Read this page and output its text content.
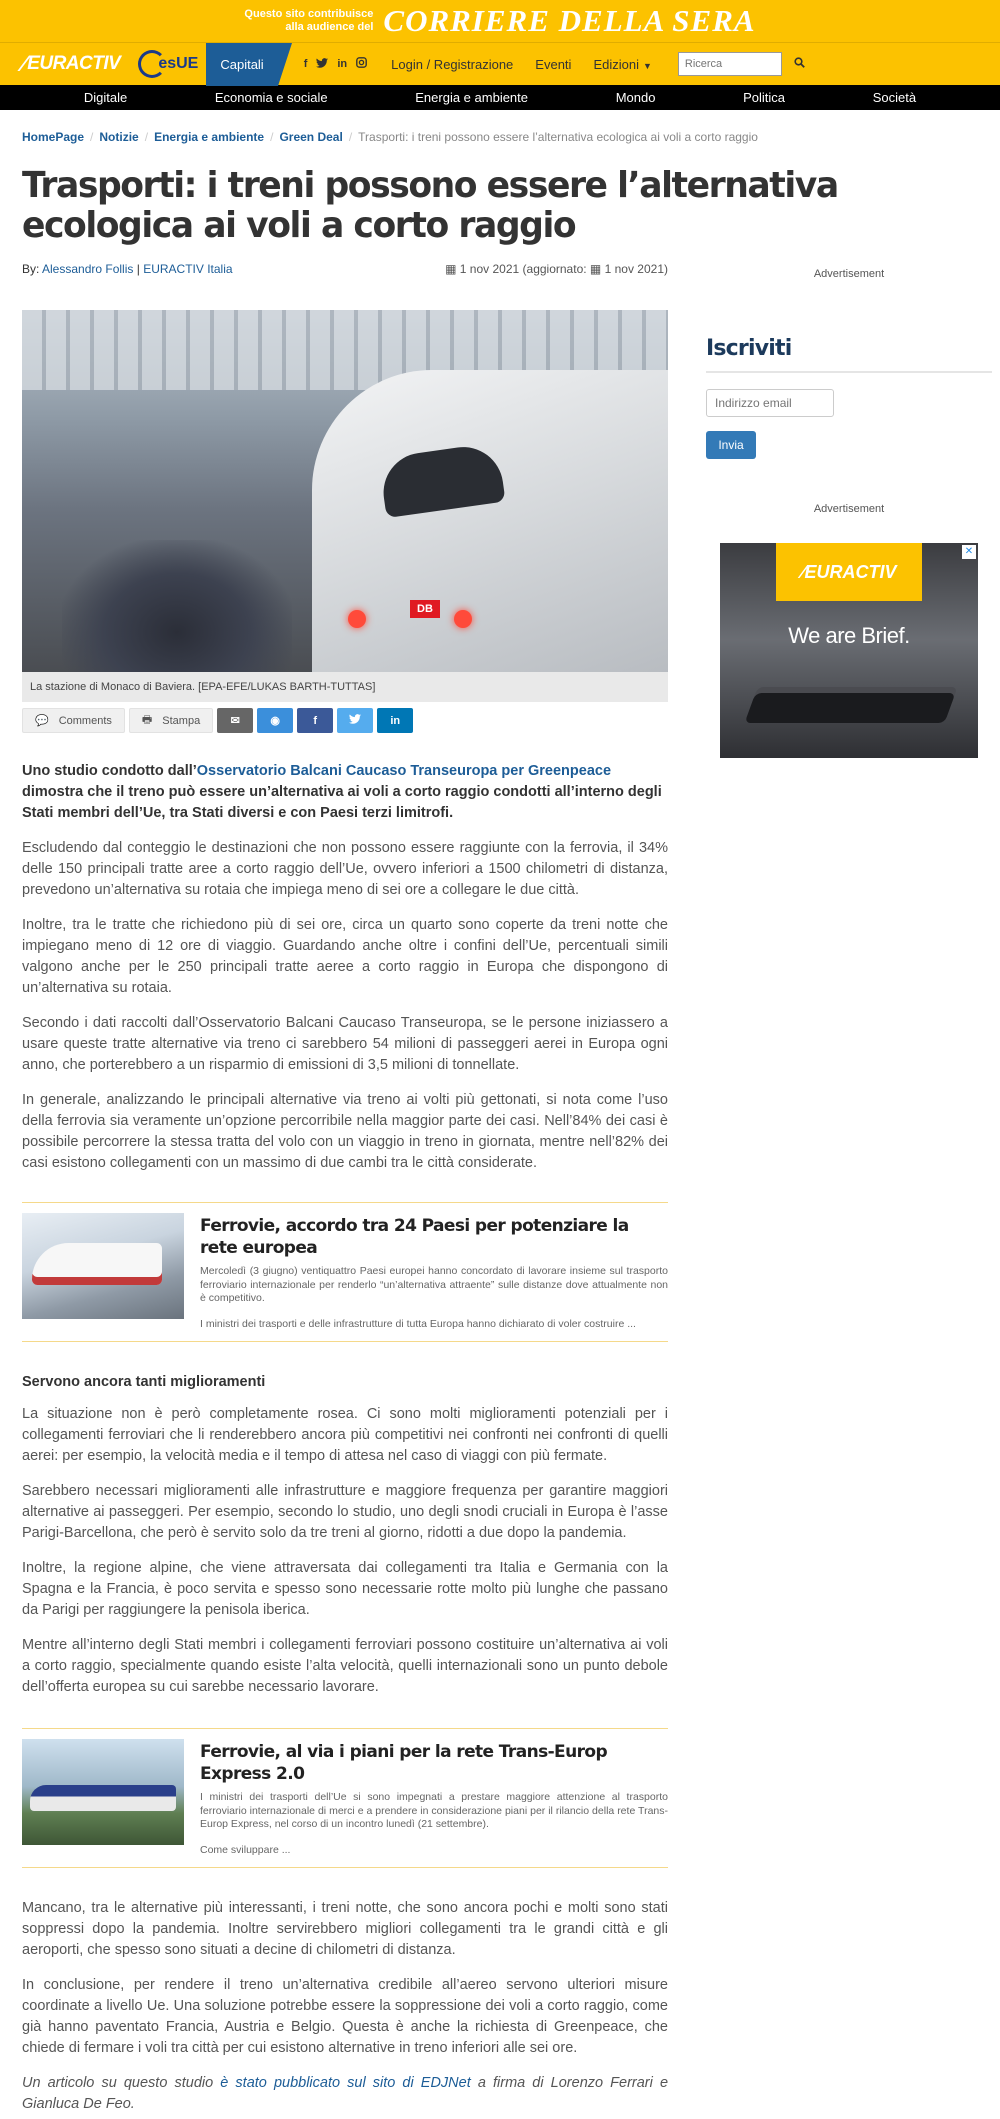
Questo sito contribuisce
alla audience del CORRIERE DELLA SERA
⁄ EURACTIV esUE	Capitali	f	in	Login / Registrazione Eventi Edizioni ▼
Ricerca
Digitale	Economia e sociale	Energia e ambiente	Mondo	Politica	Società
HomePage / Notizie / Energia e ambiente / Green Deal / Trasporti: i treni possono essere l’alternativa ecologica ai voli a corto raggio
Trasporti: i treni possono essere l’alternativa ecologica ai voli a corto raggio
By: Alessandro Follis | EURACTIV Italia	▦ 1 nov 2021 (aggiornato: ▦ 1 nov 2021)
DB
La stazione di Monaco di Baviera. [EPA-EFE/LUKAS BARTH-TUTTAS]
💬 Comments	🖶 Stampa	✉	◉	f	in

Uno studio condotto dall’Osservatorio Balcani Caucaso Transeuropa per Greenpeace dimostra che il treno può essere un’alternativa ai voli a corto raggio condotti all’interno degli Stati membri dell’Ue, tra Stati diversi e con Paesi terzi limitrofi.

Escludendo dal conteggio le destinazioni che non possono essere raggiunte con la ferrovia, il 34% delle 150 principali tratte aree a corto raggio dell’Ue, ovvero inferiori a 1500 chilometri di distanza, prevedono un’alternativa su rotaia che impiega meno di sei ore a collegare le due città.

Inoltre, tra le tratte che richiedono più di sei ore, circa un quarto sono coperte da treni notte che impiegano meno di 12 ore di viaggio. Guardando anche oltre i confini dell’Ue, percentuali simili valgono anche per le 250 principali tratte aeree a corto raggio in Europa che dispongono di un’alternativa su rotaia.

Secondo i dati raccolti dall’Osservatorio Balcani Caucaso Transeuropa, se le persone iniziassero a usare queste tratte alternative via treno ci sarebbero 54 milioni di passeggeri aerei in Europa ogni anno, che porterebbero a un risparmio di emissioni di 3,5 milioni di tonnellate.

In generale, analizzando le principali alternative via treno ai volti più gettonati, si nota come l’uso della ferrovia sia veramente un’opzione percorribile nella maggior parte dei casi. Nell’84% dei casi è possibile percorrere la stessa tratta del volo con un viaggio in treno in giornata, mentre nell’82% dei casi esistono collegamenti con un massimo di due cambi tra le città considerate.

Ferrovie, accordo tra 24 Paesi per potenziare la rete europea
Mercoledì (3 giugno) ventiquattro Paesi europei hanno concordato di lavorare insieme sul trasporto ferroviario internazionale per renderlo “un’alternativa attraente” sulle distanze dove attualmente non è competitivo.
I ministri dei trasporti e delle infrastrutture di tutta Europa hanno dichiarato di voler costruire ...
Servono ancora tanti miglioramenti

La situazione non è però completamente rosea. Ci sono molti miglioramenti potenziali per i collegamenti ferroviari che li renderebbero ancora più competitivi nei confronti nei confronti di quelli aerei: per esempio, la velocità media e il tempo di attesa nel caso di viaggi con più fermate.

Sarebbero necessari miglioramenti alle infrastrutture e maggiore frequenza per garantire maggiori alternative ai passeggeri. Per esempio, secondo lo studio, uno degli snodi cruciali in Europa è l’asse Parigi-Barcellona, che però è servito solo da tre treni al giorno, ridotti a due dopo la pandemia.

Inoltre, la regione alpine, che viene attraversata dai collegamenti tra Italia e Germania con la Spagna e la Francia, è poco servita e spesso sono necessarie rotte molto più lunghe che passano da Parigi per raggiungere la penisola iberica.

Mentre all’interno degli Stati membri i collegamenti ferroviari possono costituire un’alternativa ai voli a corto raggio, specialmente quando esiste l’alta velocità, quelli internazionali sono un punto debole dell’offerta europea su cui sarebbe necessario lavorare.

Ferrovie, al via i piani per la rete Trans-Europ Express 2.0
I ministri dei trasporti dell’Ue si sono impegnati a prestare maggiore attenzione al trasporto ferroviario internazionale di merci e a prendere in considerazione piani per il rilancio della rete Trans-Europ Express, nel corso di un incontro lunedì (21 settembre).
Come sviluppare ...

Mancano, tra le alternative più interessanti, i treni notte, che sono ancora pochi e molti sono stati soppressi dopo la pandemia. Inoltre servirebbero migliori collegamenti tra le grandi città e gli aeroporti, che spesso sono situati a decine di chilometri di distanza.

In conclusione, per rendere il treno un’alternativa credibile all’aereo servono ulteriori misure coordinate a livello Ue. Una soluzione potrebbe essere la soppressione dei voli a corto raggio, come già hanno paventato Francia, Austria e Belgio. Questa è anche la richiesta di Greenpeace, che chiede di fermare i voli tra città per cui esistono alternative in treno inferiori alle sei ore.

Un articolo su questo studio è stato pubblicato sul sito di EDJNet a firma di Lorenzo Ferrari e Gianluca De Feo.

Advertisement
Iscriviti
Indirizzo email
Invia
Advertisement
⁄ EURACTIV
We are Brief.
✕
